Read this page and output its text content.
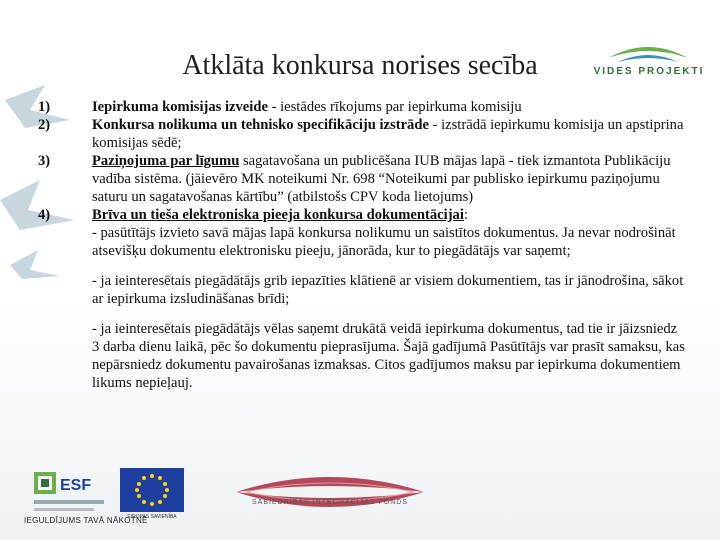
Atklāta konkursa norises secība	VIDES PROJEKTI
1)	Iepirkuma komisijas izveide - iestādes rīkojums par iepirkuma komisiju
2)	Konkursa nolikuma un tehnisko specifikāciju izstrāde - izstrādā iepirkumu komisija un apstiprina komisijas sēdē;
3)	Paziņojuma par līgumu sagatavošana un publicēšana IUB mājas lapā - tiek izmantota Publikāciju vadība sistēma. (jāievēro MK noteikumi Nr. 698 “Noteikumi par publisko iepirkumu paziņojumu saturu un sagatavošanas kārtību” (atbilstošs CPV koda lietojums)
4)	Brīva un tieša elektroniska pieeja konkursa dokumentācijai:
- pasūtītājs izvieto savā mājas lapā konkursa nolikumu un saistītos dokumentus. Ja nevar nodrošināt atsevišķu dokumentu elektronisku pieeju, jānorāda, kur to piegādātājs var saņemt;
- ja ieinteresētais piegādātājs grib iepazīties klātienē ar visiem dokumentiem, tas ir jānodrošina, sākot ar iepirkuma izsludināšanas brīdi;
- ja ieinteresētais piegādātājs vēlas saņemt drukātā veidā iepirkuma dokumentus, tad tie ir jāizsniedz 3 darba dienu laikā, pēc šo dokumentu pieprasījuma. Šajā gadījumā Pasūtītājs var prasīt samaksu, kas nepārsniedz dokumentu pavairošanas izmaksas. Citos gadījumos maksu par iepirkuma dokumentiem likums nepieļauj.
ESF
EIROPAS SAVIENĪBA
SABIEDRĪBAS INTEGRĀCIJAS FONDS
IEGULDĪJUMS TAVĀ NĀKOTNĒ
